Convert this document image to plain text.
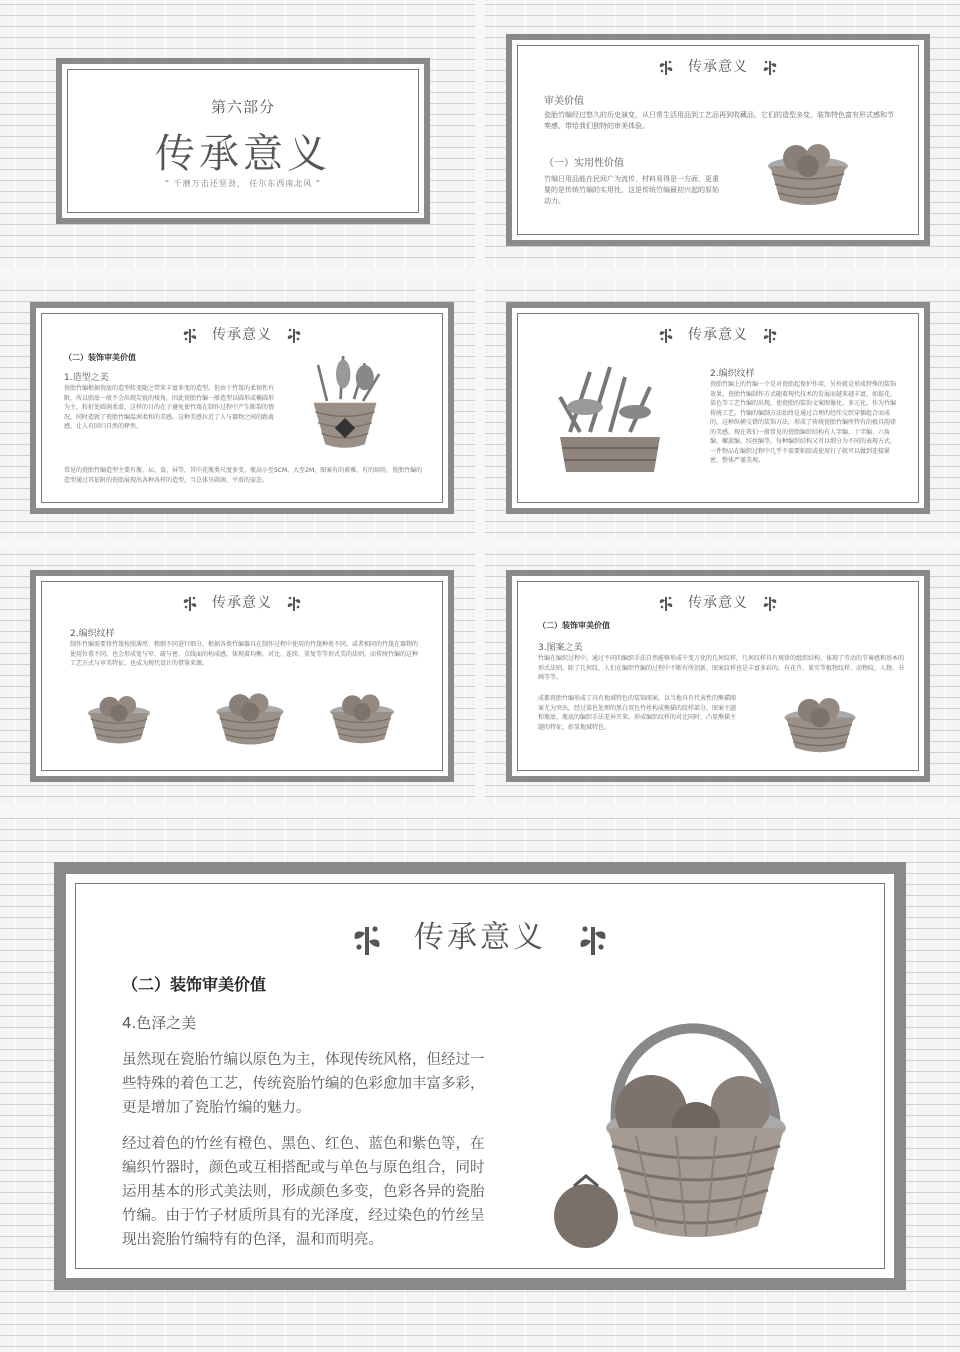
第六部分
传承意义
“ 千磨万击还坚劲， 任尔东西南北风 ”
传承意义
审美价值
瓷胎竹编经过悠久的历史演变，从日常生活用品到工艺品再到收藏品，它们的造型多变，装饰特色富有形式感和节奏感，带给我们独特的审美体验。
（一）实用性价值
竹编日用品能在民间广为流传，材料易得是一方面，更重要的是传统竹编的实用性，这是传统竹编最初兴起的原始动力。
传承意义
（二）装饰审美价值
1.造型之美
瓷胎竹编根据瓷底的造型转变随之带来丰富多变的造型。但由于竹篾的柔韧性有限，所以胎底一般不会出现尖锐的棱角，因此瓷胎竹编一般造型以圆形或椭圆形为主，转折处圆润柔滑，这样的目的在于避免使竹篾在制作过程中产生断裂的情况，同时造就了瓷胎竹编温润柔和的美感，这种美感拉近了人与器物之间的距离感，让人有回归自然的释然。
常见的瓷胎竹编造型主要有瓶、坛、盒、屏等，其中花瓶类尺度多变，瓶高小至5CM，大至2M，图案有的素雅，有的缤纷。瓷胎竹编的造型通过其依附的瓷胎展现出各种各样的造型，当总体呈圆润、平滑的姿态。
传承意义
2.编织纹样
瓷胎竹编上的竹编一个是对瓷胎起保护作用，另外就是形成特殊的装饰效果。瓷胎竹编制作方式随着现代技术的发展而越来越丰富，如提花、染色等工艺竹编的出现，使瓷胎的装饰文案图像化、多元化。作为竹编传统工艺，竹编的编制方法始终是通过合理的经纬交织穿插组合而成的，这种纵横交错的装饰方法，形成了传统瓷胎竹编所特有的极具韵律的美感。现在我们一般常见的瓷胎编织结构有人字编、十字编、六角编、螺旋编、绞丝编等，每种编织结构又可以细分为不同的表现方式，一件物品在编织过程中几乎不需要粘胶或使用钉子就可以做到连接紧密，整体严谨美观。
传承意义
2.编织纹样
制作竹编需要将竹篾按照薄厚、粗细不同进行细分，根据各类竹编器具在制作过程中使用的竹篾种类不同，或者相同的竹篾在器物的使用位置不同，也会形成宽与窄、疏与密、点线面的构成感，体现着均衡、对比、连续、重复等等形式美的法则。而传统竹编的这种工艺方式与审美特征，也成为现代设计的借鉴来源。
传承意义
（二）装饰审美价值
3.图案之美
竹编在编织过程中，通过不同的编织手法自然能够形成千变万化的几何纹样，几何纹样具有规律的组织结构，体现了劳动的节奏感和基本的形式法则。除了几何纹，人们在编织竹编的过程中不断有所创新，图案纹样也是丰富多彩的，有花卉、果实等植物纹样、动物纹、人物、书画等等。
成都瓷胎竹编形成了具有地域特色的装饰图案，以当地具有代表性的熊猫图案尤为突出，经过染色处理的黑白双色竹丝构成熊猫的纹样部分，图案主题和瓶底、瓶底的编织手法差异开来，形成编织纹样的对比同时，凸显熊猫主题的特征，彰显地域特色。
传承意义
（二）装饰审美价值
4.色泽之美
虽然现在瓷胎竹编以原色为主，体现传统风格，但经过一些特殊的着色工艺，传统瓷胎竹编的色彩愈加丰富多彩，更是增加了瓷胎竹编的魅力。
经过着色的竹丝有橙色、黑色、红色、蓝色和紫色等，在编织竹器时，颜色或互相搭配或与单色与原色组合，同时运用基本的形式美法则，形成颜色多变，色彩各异的瓷胎竹编。由于竹子材质所具有的光泽度，经过染色的竹丝呈现出瓷胎竹编特有的色泽，温和而明亮。
